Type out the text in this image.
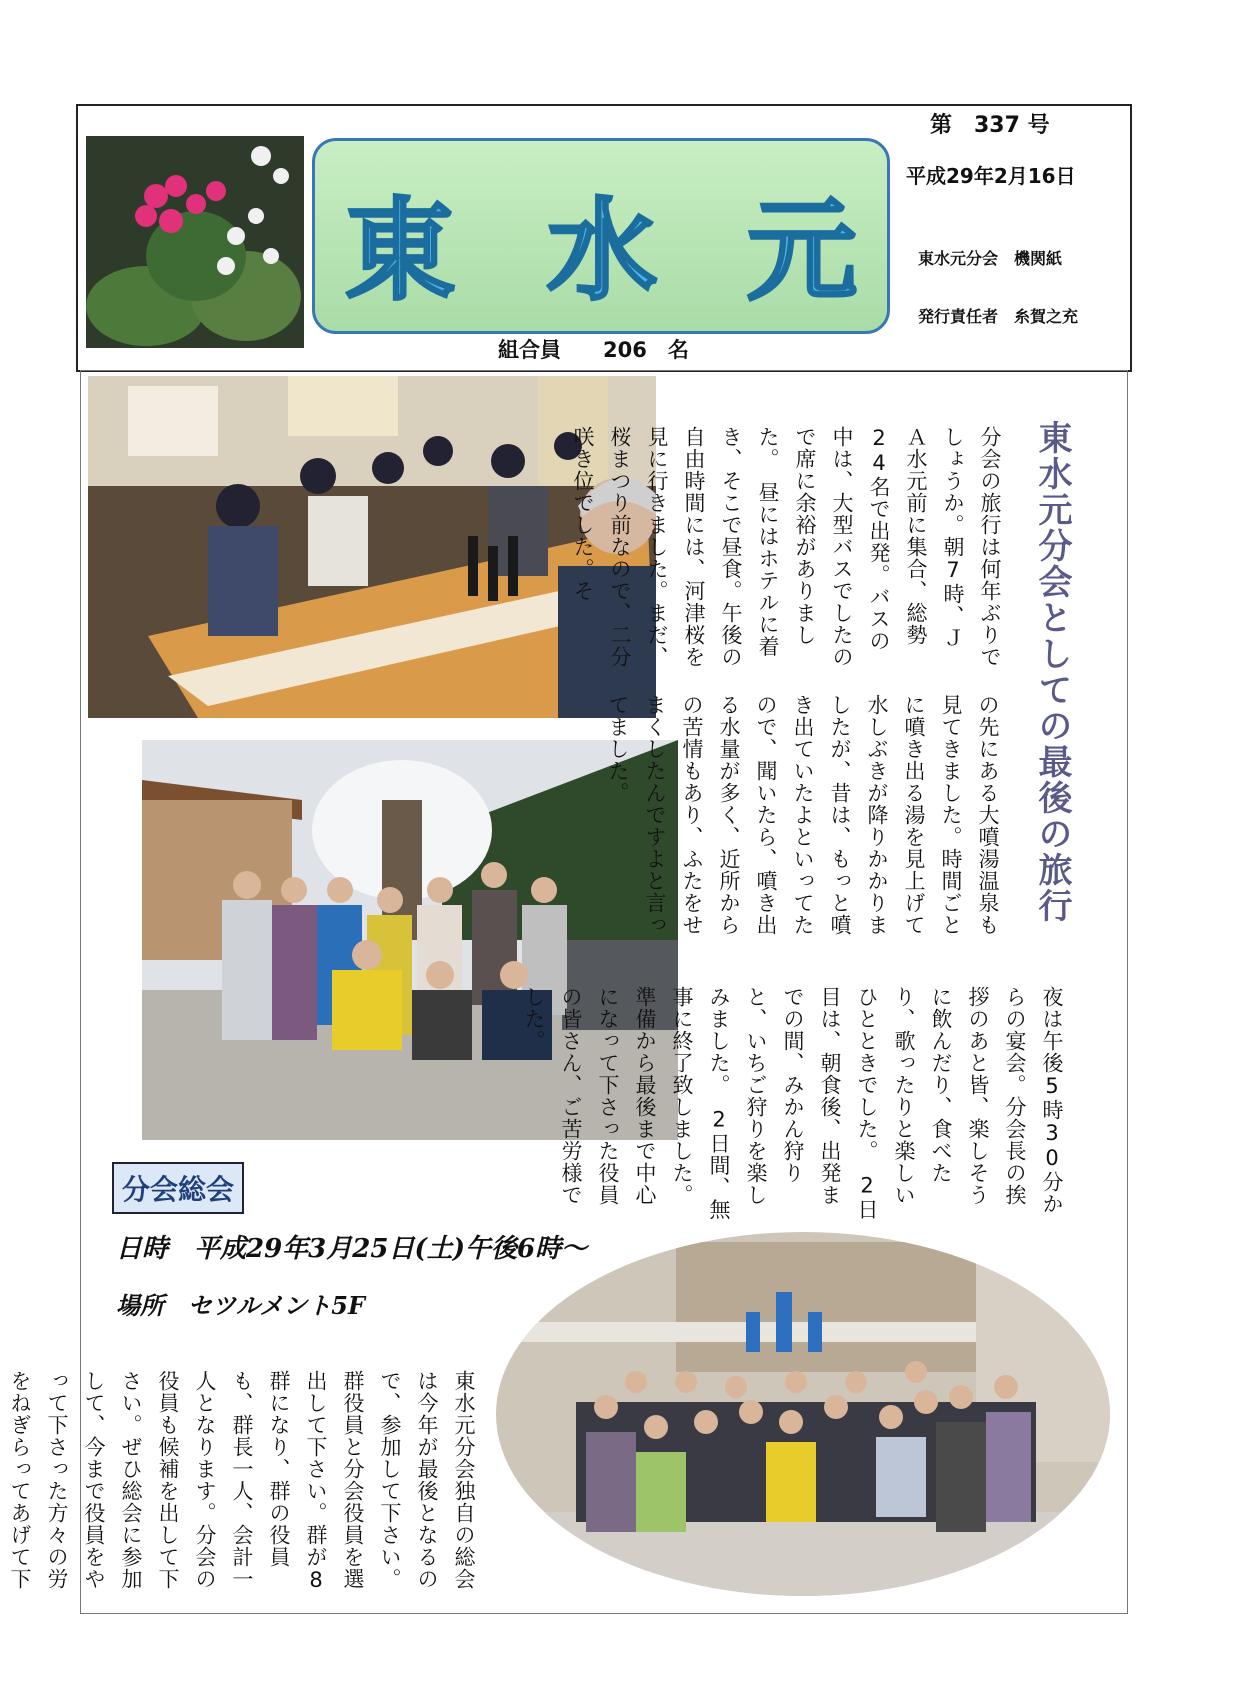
東 水 元
第　337 号
平成29年2月16日
東水元分会　機関紙
発行責任者　糸賀之充
組合員　　206　名
東水元分会としての最後の旅行
分会の旅行は何年ぶりでしょうか。朝7時、ＪＡ水元前に集合、総勢24名で出発。バスの中は、大型バスでしたので席に余裕がありました。　昼にはホテルに着き、そこで昼食。午後の自由時間には、河津桜を見に行きました。まだ、桜まつり前なので、二分咲き位でした。そ
の先にある大噴湯温泉も見てきました。時間ごとに噴き出る湯を見上げて水しぶきが降りかかりましたが、昔は、もっと噴き出ていたよといってたので、聞いたら、噴き出る水量が多く、近所からの苦情もあり、ふたをせまくしたんですよと言ってました。
夜は午後5時30分からの宴会。分会長の挨拶のあと皆、楽しそうに飲んだり、食べたり、歌ったりと楽しいひとときでした。　2日目は、朝食後、出発までの間、みかん狩りと、いちご狩りを楽しみました。　2日間、無事に終了致しました。準備から最後まで中心になって下さった役員の皆さん、ご苦労様でした。
分会総会
日時　平成29年3月25日(土)午後6時～
場所　セツルメント5F
東水元分会独自の総会は今年が最後となるので、参加して下さい。群役員と分会役員を選出して下さい。群が8群になり、群の役員も、群長一人、会計一人となります。分会の役員も候補を出して下さい。ぜひ総会に参加して、今まで役員をやって下さった方々の労をねぎらってあげて下
